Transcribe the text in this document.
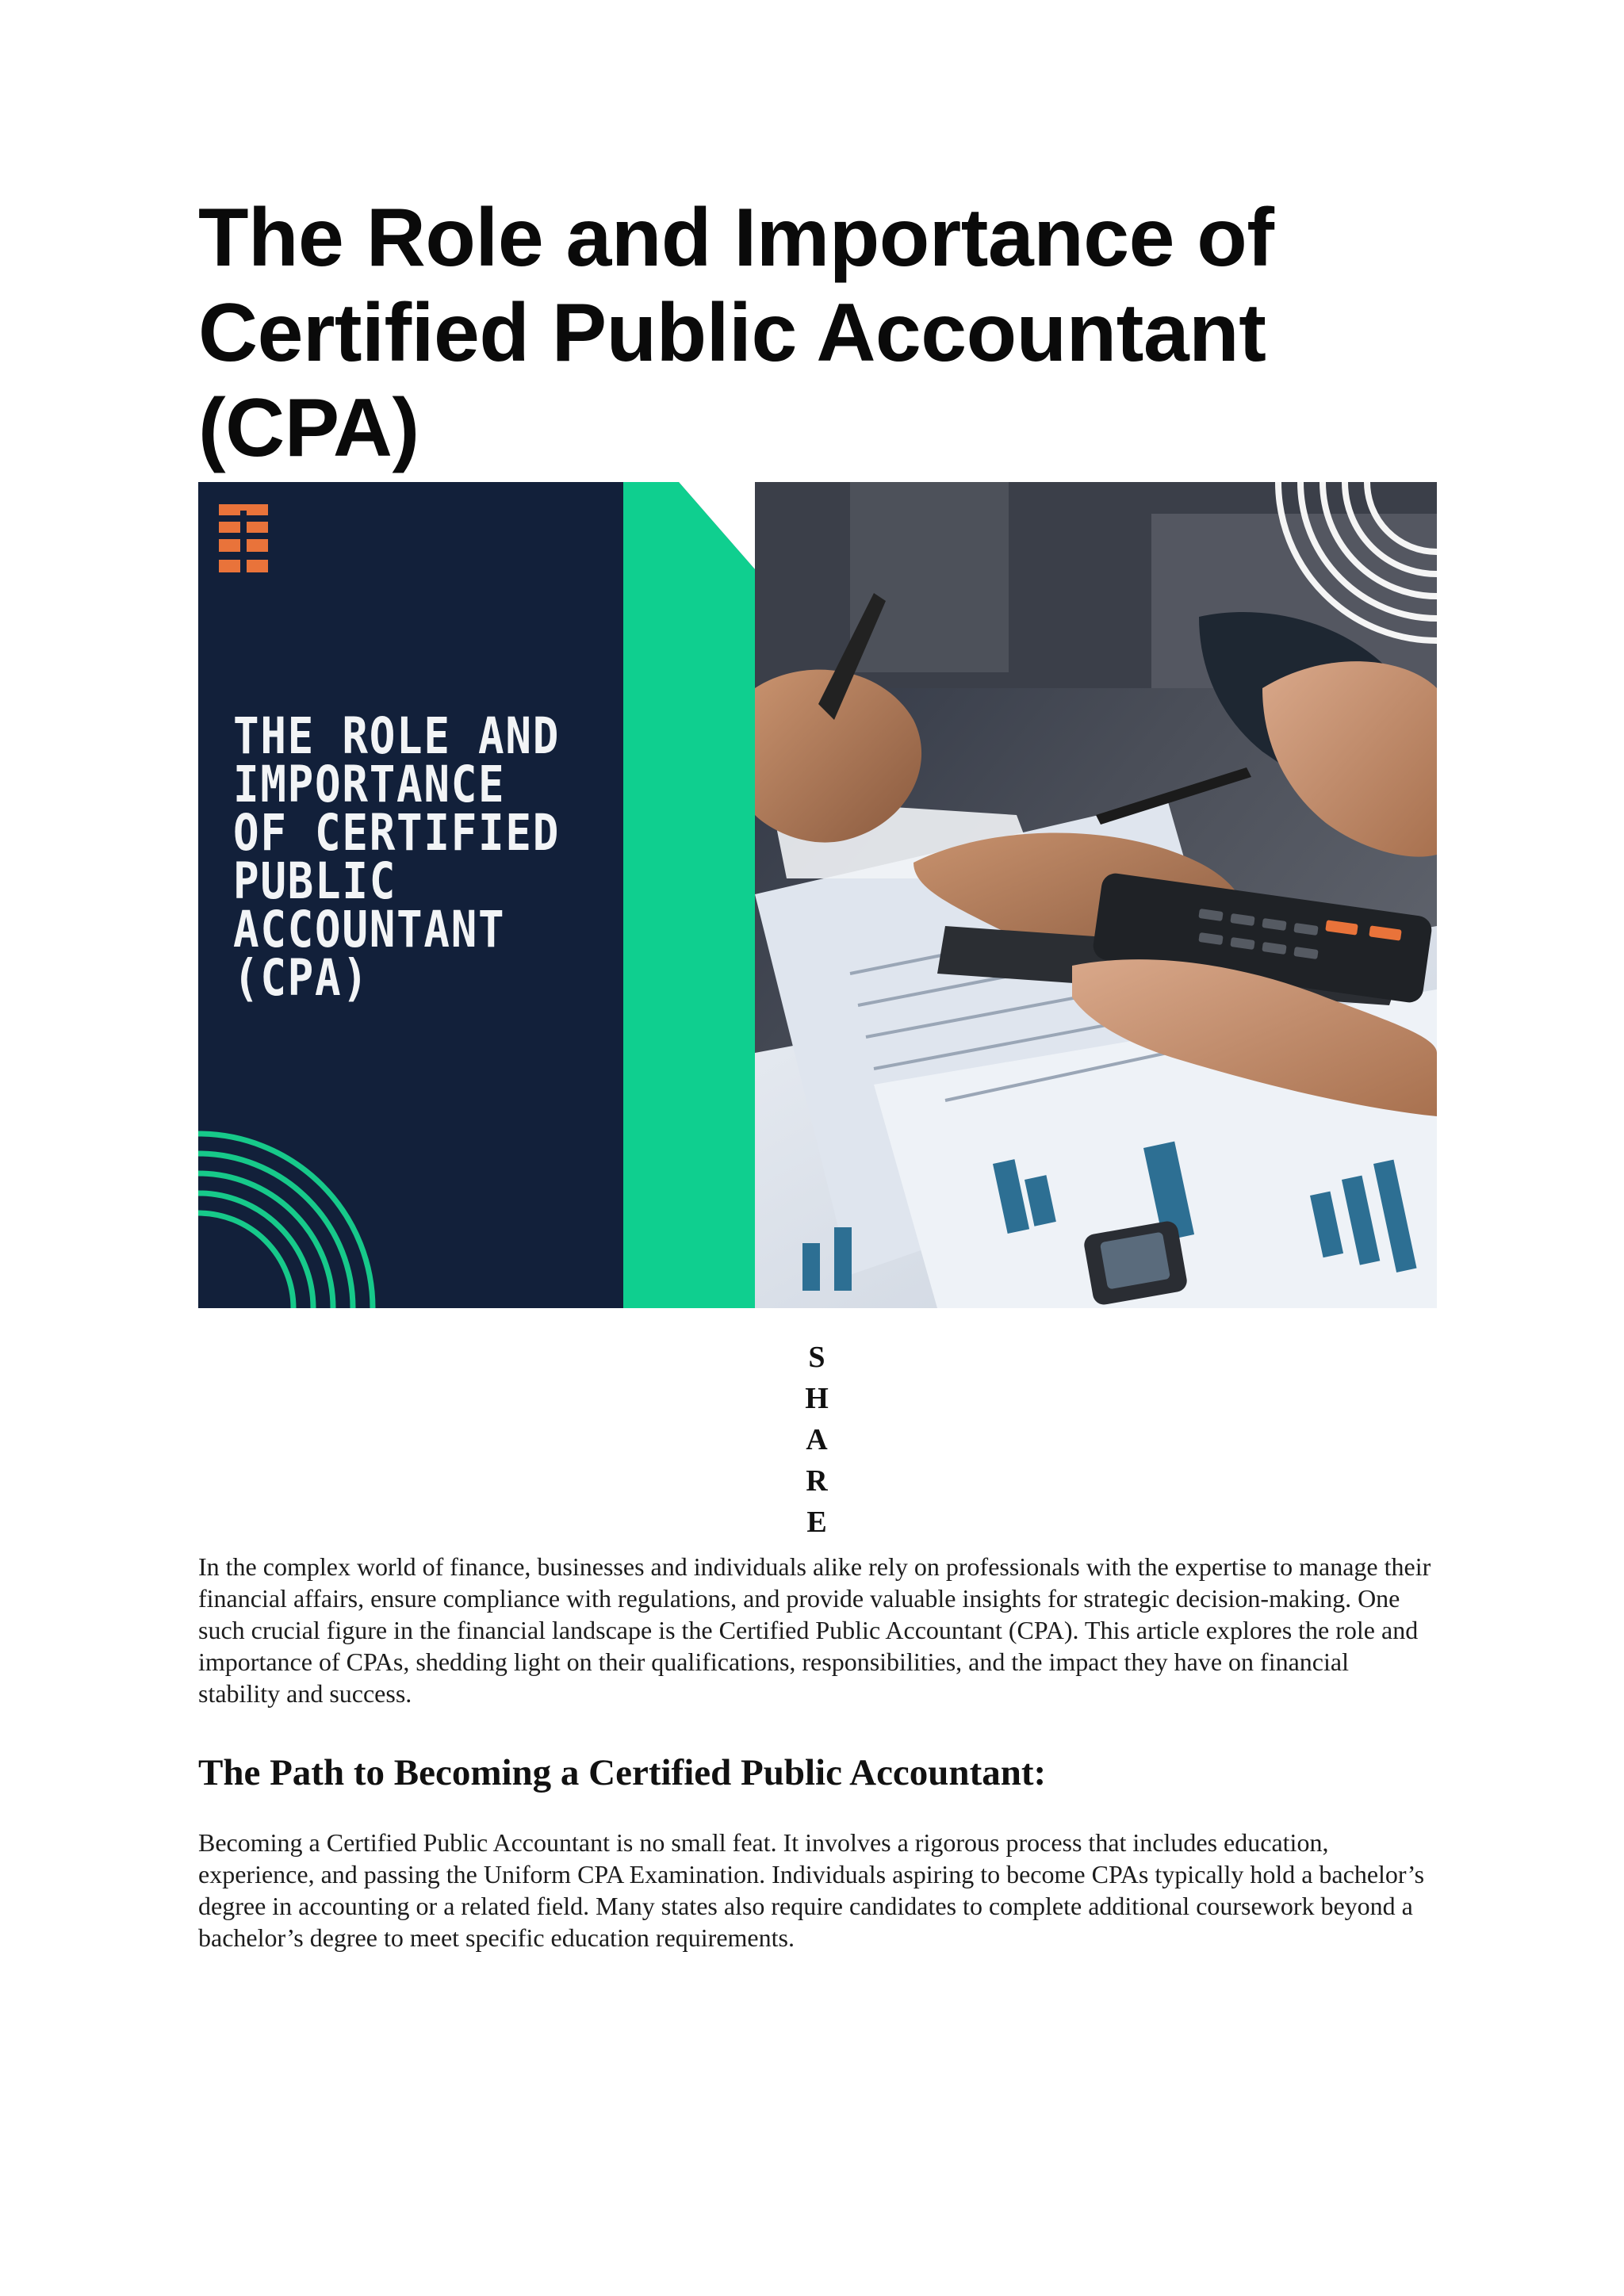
The Role and Importance of Certified Public Accountant (CPA)
THE ROLE AND
IMPORTANCE
OF CERTIFIED
PUBLIC
ACCOUNTANT
(CPA)
S
H
A
R
E

In the complex world of finance, businesses and individuals alike rely on professionals with the expertise to manage their financial affairs, ensure compliance with regulations, and provide valuable insights for strategic decision-making. One such crucial figure in the financial landscape is the Certified Public Accountant (CPA). This article explores the role and importance of CPAs, shedding light on their qualifications, responsibilities, and the impact they have on financial stability and success.

The Path to Becoming a Certified Public Accountant:

Becoming a Certified Public Accountant is no small feat. It involves a rigorous process that includes education, experience, and passing the Uniform CPA Examination. Individuals aspiring to become CPAs typically hold a bachelor’s degree in accounting or a related field. Many states also require candidates to complete additional coursework beyond a bachelor’s degree to meet specific education requirements.
